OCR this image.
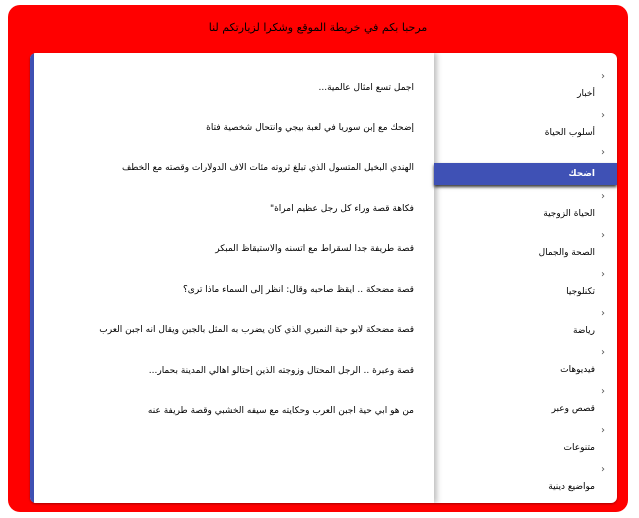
مرحبا بكم في خريطة الموقع وشكرا لزيارتكم لنا
أجمل تسع أمثال عالمية...
إضحك مع إبن سوريا في لعبة بيجي وانتحال شخصية فتاة
الهندي البخيل المتسول الذي تبلغ ثروته مئات آلاف الدولارات وقصته مع الخطف
فكاهة قصة وراء كل رجل عظيم امرأة"
قصة طريفة جدا لسقراط مع أتسنه والاستيقاظ المبكر
قصة مضحكة .. أيقظ صاحبه وقال: انظر إلى السماء ماذا ترى؟
قصة مضحكة لأبو حية النميري الذي كان يضرب به المثل بالجبن ويقال أنه أجبن العرب
قصة وعبرة .. الرجل المحتال وزوجته الذين إحتالو اهالي المدينة بحمار...
من هو أبي حية أجبن العرب وحكايته مع سيفه الخشبي وقصة طريفة عنه
‹
أخبار
‹
أسلوب الحياة
‹
اضحك
‹
الحياة الزوجية
‹
الصحة والجمال
‹
تكنلوجيا
‹
رياضة
‹
فيديوهات
‹
قصص وعبر
‹
متنوعات
‹
مواضيع دينية
